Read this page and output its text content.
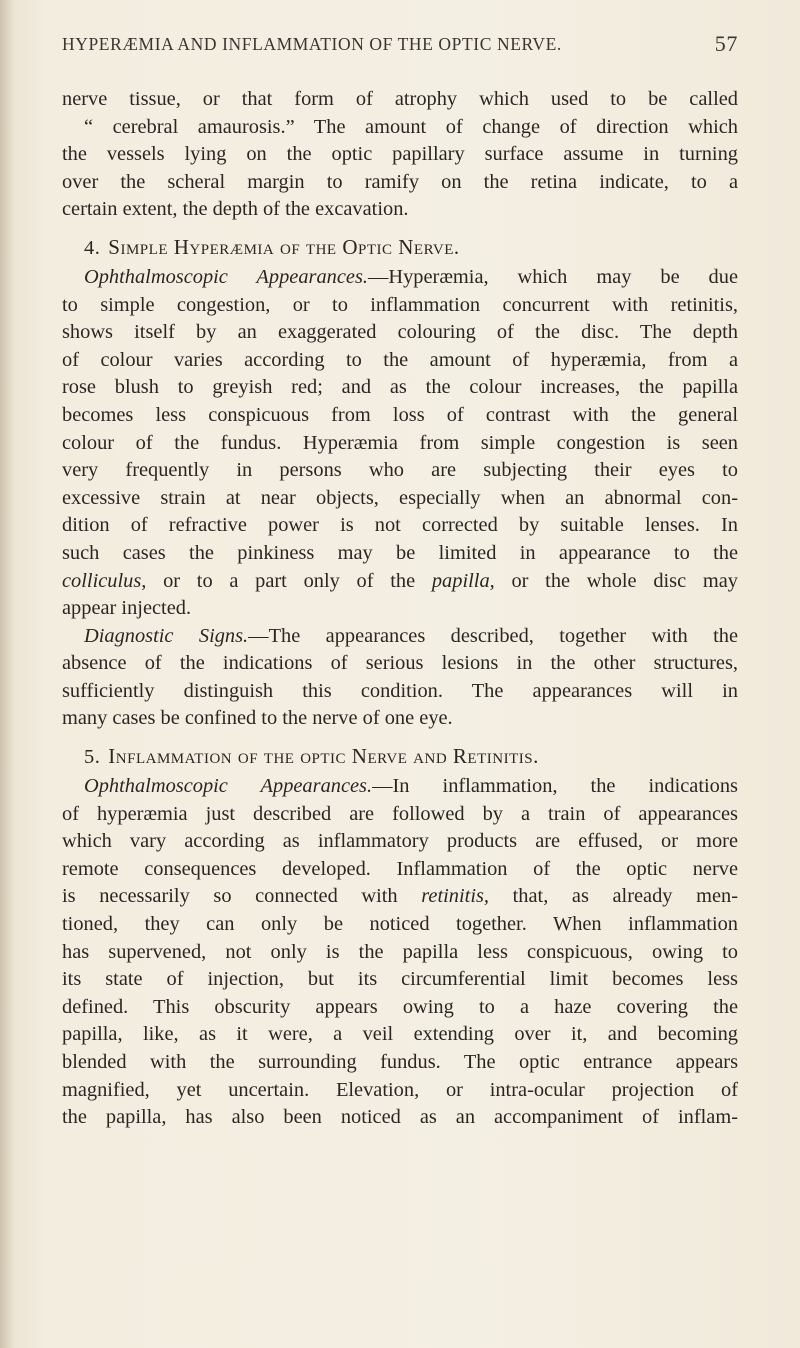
HYPERÆMIA AND INFLAMMATION OF THE OPTIC NERVE.	57
nerve tissue, or that form of atrophy which used to be called
“ cerebral amaurosis.” The amount of change of direction which
the vessels lying on the optic papillary surface assume in turning
over the scheral margin to ramify on the retina indicate, to a
certain extent, the depth of the excavation.
4. Simple Hyperæmia of the Optic Nerve.
Ophthalmoscopic Appearances.—Hyperæmia, which may be due
to simple congestion, or to inflammation concurrent with retinitis,
shows itself by an exaggerated colouring of the disc. The depth
of colour varies according to the amount of hyperæmia, from a
rose blush to greyish red; and as the colour increases, the papilla
becomes less conspicuous from loss of contrast with the general
colour of the fundus. Hyperæmia from simple congestion is seen
very frequently in persons who are subjecting their eyes to
excessive strain at near objects, especially when an abnormal con-
dition of refractive power is not corrected by suitable lenses. In
such cases the pinkiness may be limited in appearance to the
colliculus, or to a part only of the papilla, or the whole disc may
appear injected.
Diagnostic Signs.—The appearances described, together with the
absence of the indications of serious lesions in the other structures,
sufficiently distinguish this condition. The appearances will in
many cases be confined to the nerve of one eye.
5. Inflammation of the optic Nerve and Retinitis.
Ophthalmoscopic Appearances.—In inflammation, the indications
of hyperæmia just described are followed by a train of appearances
which vary according as inflammatory products are effused, or more
remote consequences developed. Inflammation of the optic nerve
is necessarily so connected with retinitis, that, as already men-
tioned, they can only be noticed together. When inflammation
has supervened, not only is the papilla less conspicuous, owing to
its state of injection, but its circumferential limit becomes less
defined. This obscurity appears owing to a haze covering the
papilla, like, as it were, a veil extending over it, and becoming
blended with the surrounding fundus. The optic entrance appears
magnified, yet uncertain. Elevation, or intra-ocular projection of
the papilla, has also been noticed as an accompaniment of inflam-
